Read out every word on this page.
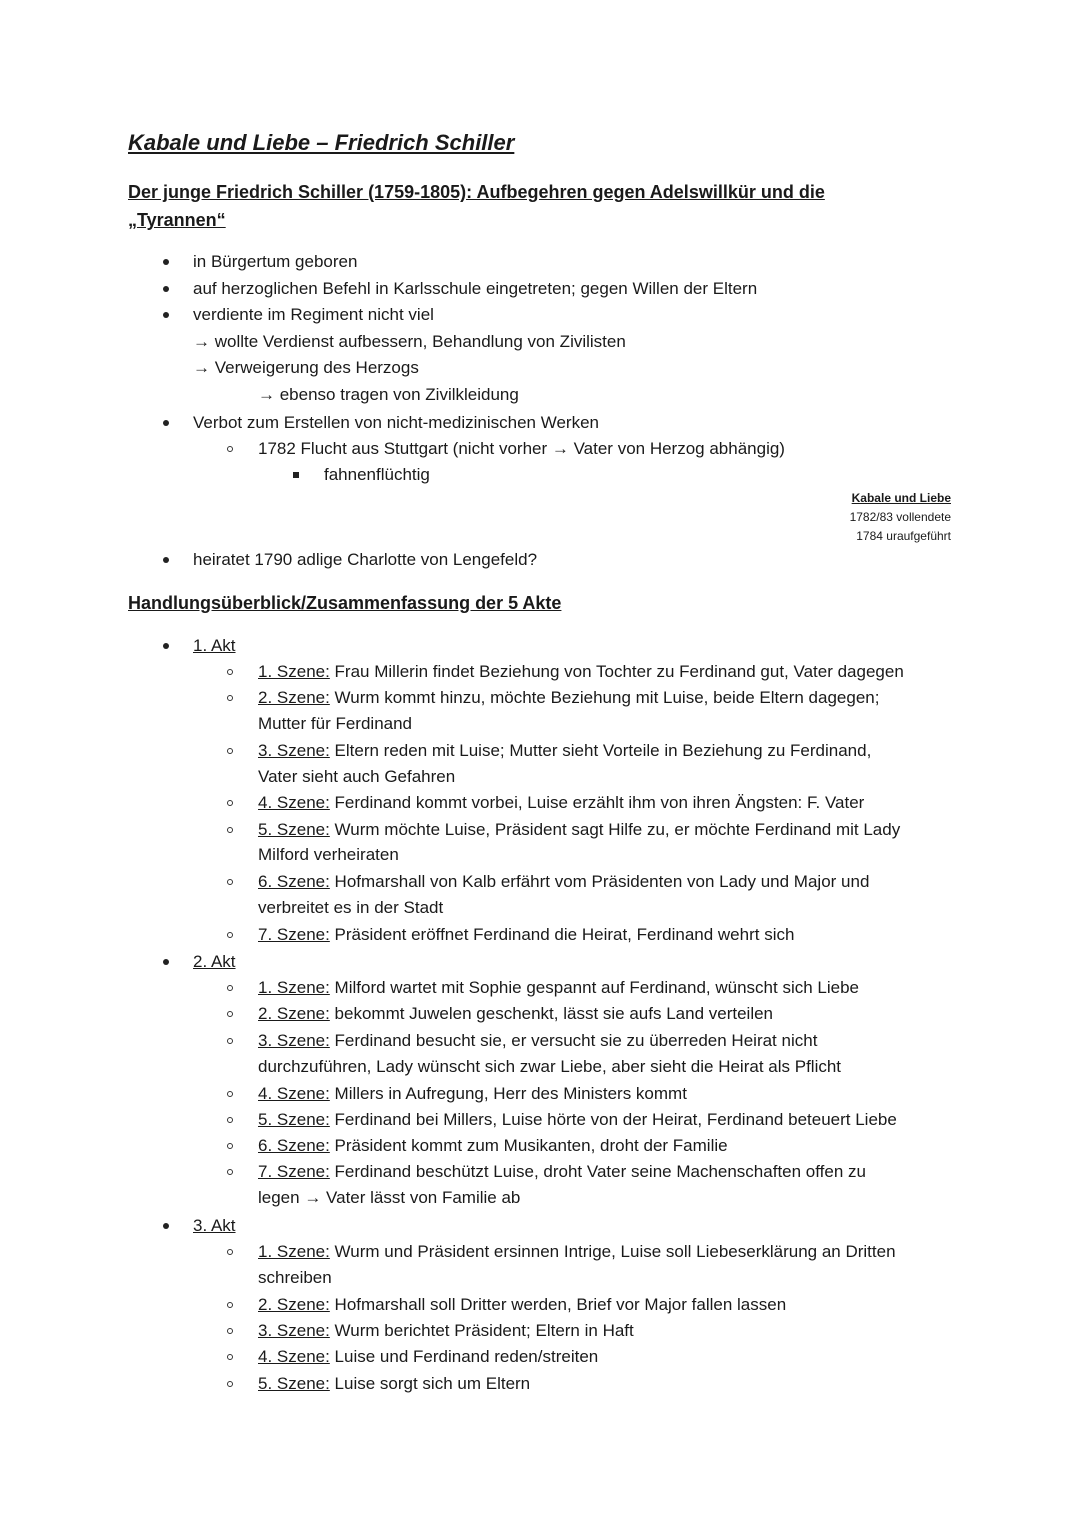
Kabale und Liebe – Friedrich Schiller
Der junge Friedrich Schiller (1759-1805): Aufbegehren gegen Adelswillkür und die
„Tyrannen“
in Bürgertum geboren
auf herzoglichen Befehl in Karlsschule eingetreten; gegen Willen der Eltern
verdiente im Regiment nicht viel
→ wollte Verdienst aufbessern, Behandlung von Zivilisten
→ Verweigerung des Herzogs
→ ebenso tragen von Zivilkleidung
Verbot zum Erstellen von nicht-medizinischen Werken
1782 Flucht aus Stuttgart (nicht vorher → Vater von Herzog abhängig)
fahnenflüchtig
Kabale und Liebe
1782/83 vollendete
1784 uraufgeführt
heiratet 1790 adlige Charlotte von Lengefeld?
Handlungsüberblick/Zusammenfassung der 5 Akte
1. Akt
1. Szene: Frau Millerin findet Beziehung von Tochter zu Ferdinand gut, Vater dagegen
2. Szene: Wurm kommt hinzu, möchte Beziehung mit Luise, beide Eltern dagegen;
Mutter für Ferdinand
3. Szene: Eltern reden mit Luise; Mutter sieht Vorteile in Beziehung zu Ferdinand,
Vater sieht auch Gefahren
4. Szene: Ferdinand kommt vorbei, Luise erzählt ihm von ihren Ängsten: F. Vater
5. Szene: Wurm möchte Luise, Präsident sagt Hilfe zu, er möchte Ferdinand mit Lady
Milford verheiraten
6. Szene: Hofmarshall von Kalb erfährt vom Präsidenten von Lady und Major und
verbreitet es in der Stadt
7. Szene: Präsident eröffnet Ferdinand die Heirat, Ferdinand wehrt sich
2. Akt
1. Szene: Milford wartet mit Sophie gespannt auf Ferdinand, wünscht sich Liebe
2. Szene: bekommt Juwelen geschenkt, lässt sie aufs Land verteilen
3. Szene: Ferdinand besucht sie, er versucht sie zu überreden Heirat nicht
durchzuführen, Lady wünscht sich zwar Liebe, aber sieht die Heirat als Pflicht
4. Szene: Millers in Aufregung, Herr des Ministers kommt
5. Szene: Ferdinand bei Millers, Luise hörte von der Heirat, Ferdinand beteuert Liebe
6. Szene: Präsident kommt zum Musikanten, droht der Familie
7. Szene: Ferdinand beschützt Luise, droht Vater seine Machenschaften offen zu
legen → Vater lässt von Familie ab
3. Akt
1. Szene: Wurm und Präsident ersinnen Intrige, Luise soll Liebeserklärung an Dritten
schreiben
2. Szene: Hofmarshall soll Dritter werden, Brief vor Major fallen lassen
3. Szene: Wurm berichtet Präsident; Eltern in Haft
4. Szene: Luise und Ferdinand reden/streiten
5. Szene: Luise sorgt sich um Eltern
